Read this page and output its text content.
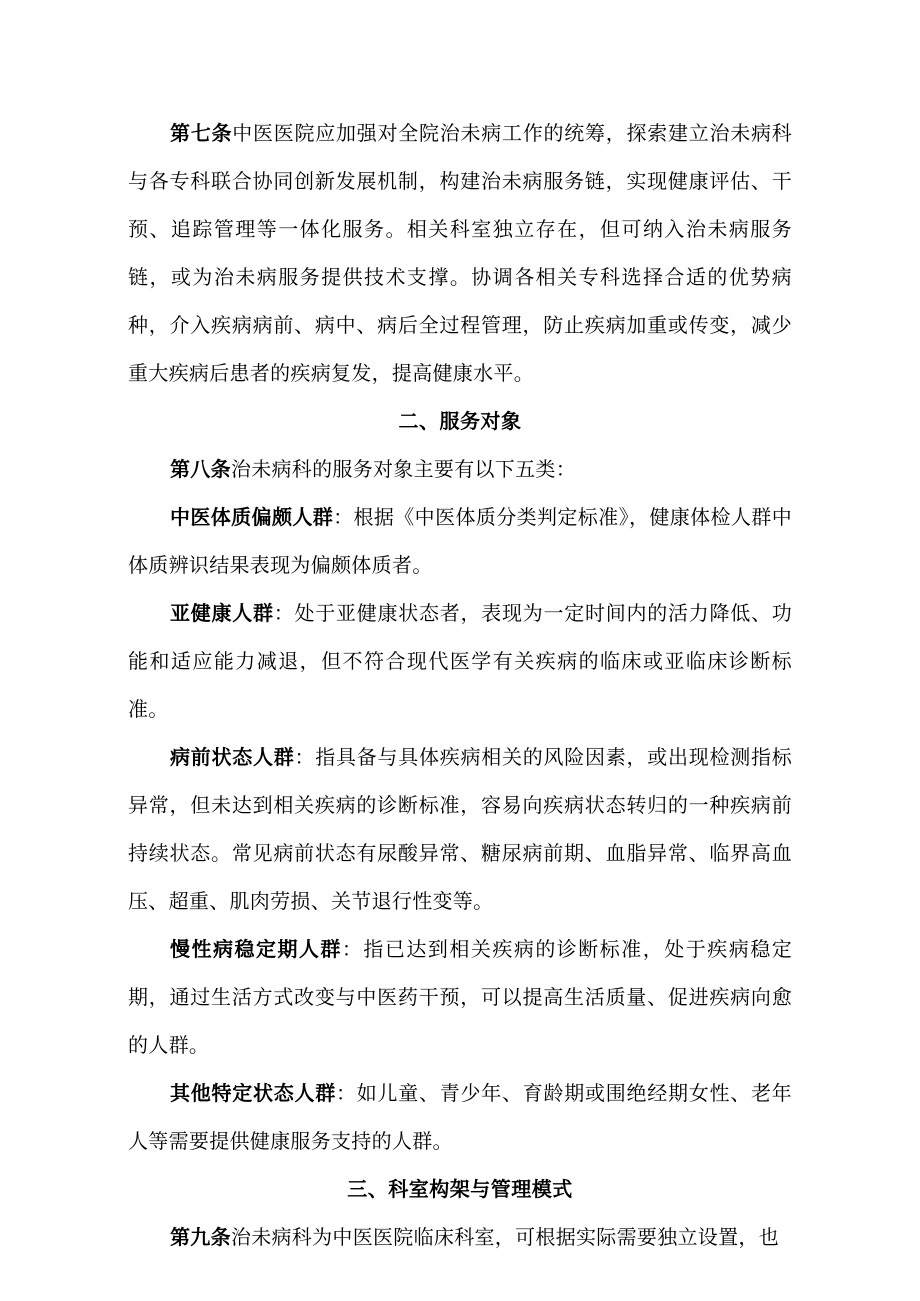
第七条中医医院应加强对全院治未病工作的统筹，探索建立治未病科与各专科联合协同创新发展机制，构建治未病服务链，实现健康评估、干预、追踪管理等一体化服务。相关科室独立存在，但可纳入治未病服务链，或为治未病服务提供技术支撑。协调各相关专科选择合适的优势病种，介入疾病病前、病中、病后全过程管理，防止疾病加重或传变，减少重大疾病后患者的疾病复发，提高健康水平。

二、服务对象

第八条治未病科的服务对象主要有以下五类：

中医体质偏颇人群：根据《中医体质分类判定标准》，健康体检人群中体质辨识结果表现为偏颇体质者。

亚健康人群：处于亚健康状态者，表现为一定时间内的活力降低、功能和适应能力减退，但不符合现代医学有关疾病的临床或亚临床诊断标准。

病前状态人群：指具备与具体疾病相关的风险因素，或出现检测指标异常，但未达到相关疾病的诊断标准，容易向疾病状态转归的一种疾病前持续状态。常见病前状态有尿酸异常、糖尿病前期、血脂异常、临界高血压、超重、肌肉劳损、关节退行性变等。

慢性病稳定期人群：指已达到相关疾病的诊断标准，处于疾病稳定期，通过生活方式改变与中医药干预，可以提高生活质量、促进疾病向愈的人群。

其他特定状态人群：如儿童、青少年、育龄期或围绝经期女性、老年人等需要提供健康服务支持的人群。

三、科室构架与管理模式

第九条治未病科为中医医院临床科室，可根据实际需要独立设置，也
